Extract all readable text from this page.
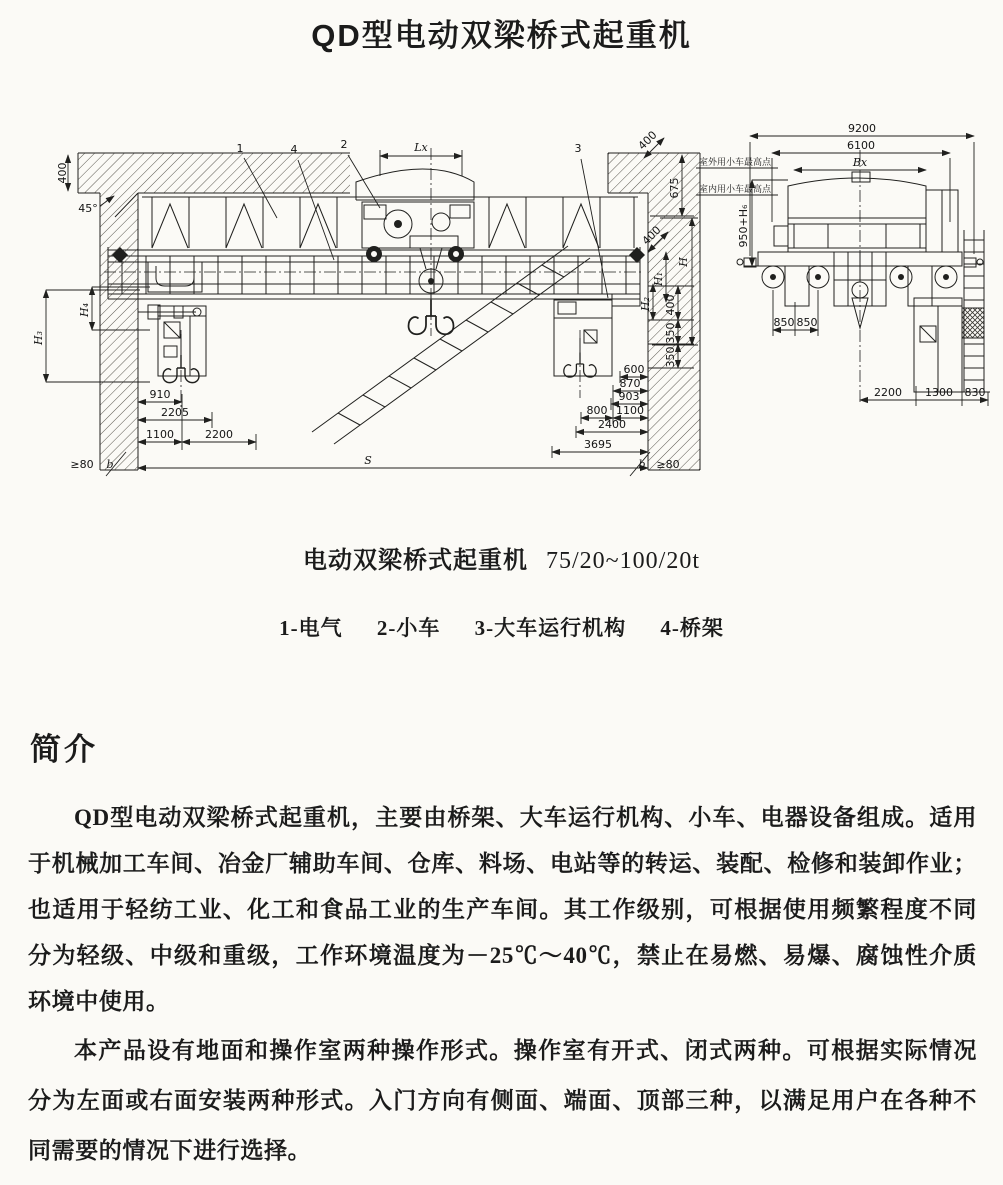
QD型电动双梁桥式起重机
400
45°
Lx	400
675
室外用小车最高点
室内用小车最高点
400
H
H₁
H₂ 400
350
350
H₄
H₃
910
2205
1100	2200
600
870
903
800 1100
2400
3695
S
≥80 b	b ≥80
1	4	2	3
9200
6100
Bx
950+H₆
850 850
2200 1300 830
电动双梁桥式起重机 75/20~100/20t
1-电气 2-小车 3-大车运行机构 4-桥架
简介
QD型电动双梁桥式起重机，主要由桥架、大车运行机构、小车、电器设备组成。适用
于机械加工车间、冶金厂辅助车间、仓库、料场、电站等的转运、装配、检修和装卸作业；
也适用于轻纺工业、化工和食品工业的生产车间。其工作级别，可根据使用频繁程度不同
分为轻级、中级和重级，工作环境温度为－25℃～40℃，禁止在易燃、易爆、腐蚀性介质
环境中使用。
本产品设有地面和操作室两种操作形式。操作室有开式、闭式两种。可根据实际情况
分为左面或右面安装两种形式。入门方向有侧面、端面、顶部三种，以满足用户在各种不
同需要的情况下进行选择。
